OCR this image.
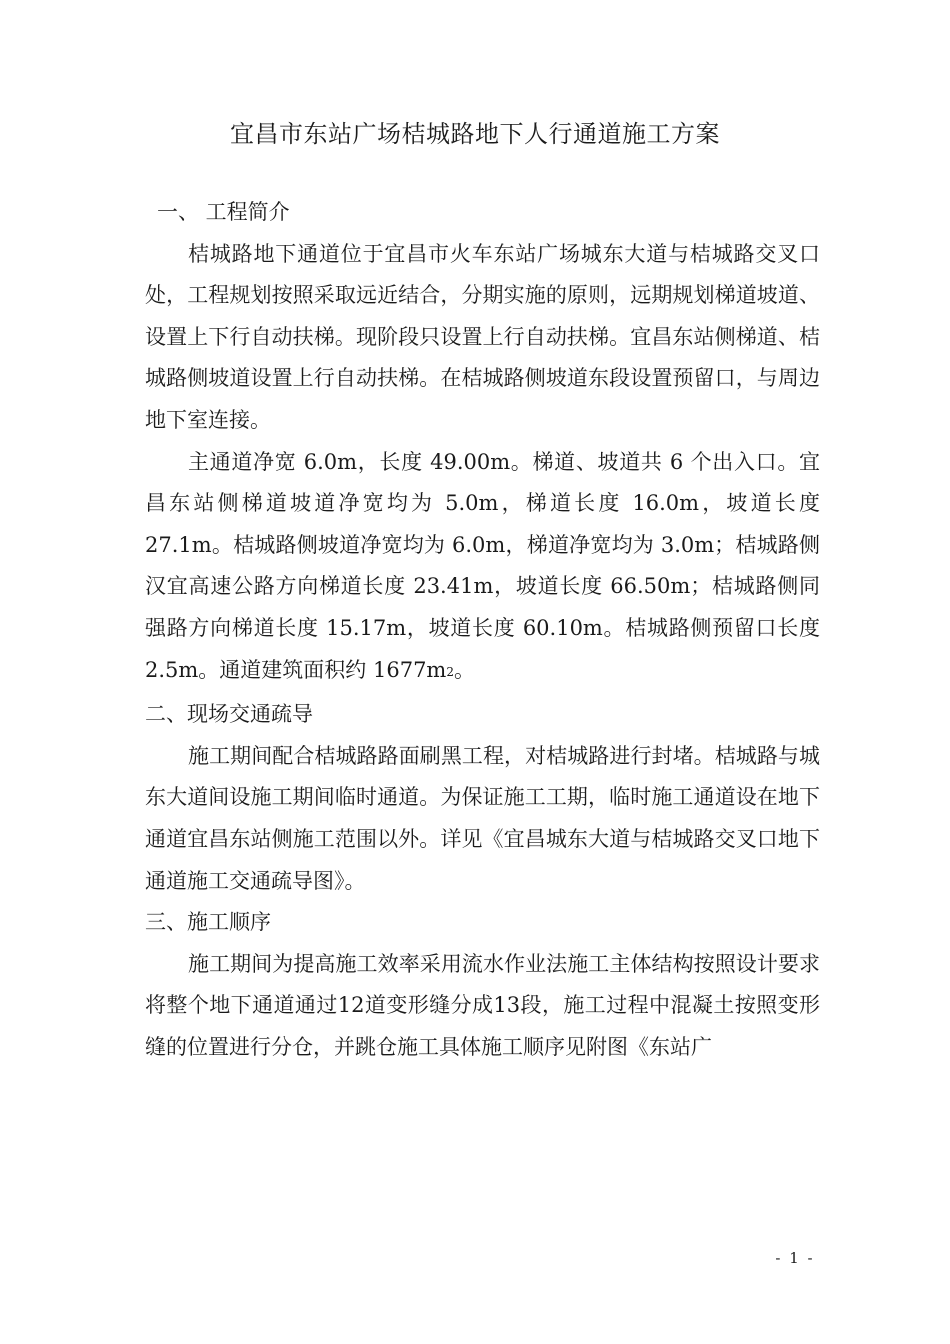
宜昌市东站广场桔城路地下人行通道施工方案

一、 工程简介

桔城路地下通道位于宜昌市火车东站广场城东大道与桔城路交叉口处，工程规划按照采取远近结合，分期实施的原则，远期规划梯道坡道、设置上下行自动扶梯。现阶段只设置上行自动扶梯。宜昌东站侧梯道、桔城路侧坡道设置上行自动扶梯。在桔城路侧坡道东段设置预留口，与周边地下室连接。

主通道净宽 6.0m，长度 49.00m。梯道、坡道共 6 个出入口。宜昌东站侧梯道坡道净宽均为 5.0m，梯道长度 16.0m，坡道长度 27.1m。桔城路侧坡道净宽均为 6.0m，梯道净宽均为 3.0m；桔城路侧汉宜高速公路方向梯道长度 23.41m，坡道长度 66.50m；桔城路侧同强路方向梯道长度 15.17m，坡道长度 60.10m。桔城路侧预留口长度 2.5m。通道建筑面积约 $1677m^2$。

二、现场交通疏导

施工期间配合桔城路路面刷黑工程，对桔城路进行封堵。桔城路与城东大道间设施工期间临时通道。为保证施工工期，临时施工通道设在地下通道宜昌东站侧施工范围以外。详见《宜昌城东大道与桔城路交叉口地下通道施工交通疏导图》。

三、施工顺序

施工期间为提高施工效率采用流水作业法施工主体结构按照设计要求将整个地下通道通过12道变形缝分成13段，施工过程中混凝土按照变形缝的位置进行分仓，并跳仓施工具体施工顺序见附图《东站广

- 1 -
